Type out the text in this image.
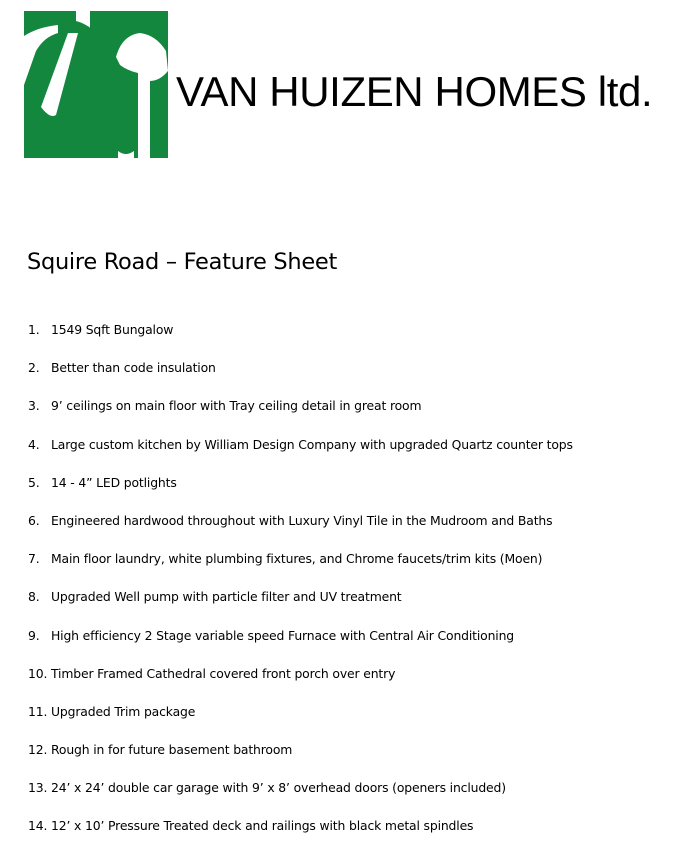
VAN HUIZEN HOMES ltd.
Squire Road – Feature Sheet
1. 1549 Sqft Bungalow
2. Better than code insulation
3. 9’ ceilings on main floor with Tray ceiling detail in great room
4. Large custom kitchen by William Design Company with upgraded Quartz counter tops
5. 14 - 4” LED potlights
6. Engineered hardwood throughout with Luxury Vinyl Tile in the Mudroom and Baths
7. Main floor laundry, white plumbing fixtures, and Chrome faucets/trim kits (Moen)
8. Upgraded Well pump with particle filter and UV treatment
9. High efficiency 2 Stage variable speed Furnace with Central Air Conditioning
10. Timber Framed Cathedral covered front porch over entry
11. Upgraded Trim package
12. Rough in for future basement bathroom
13. 24’ x 24’ double car garage with 9’ x 8’ overhead doors (openers included)
14. 12’ x 10’ Pressure Treated deck and railings with black metal spindles
